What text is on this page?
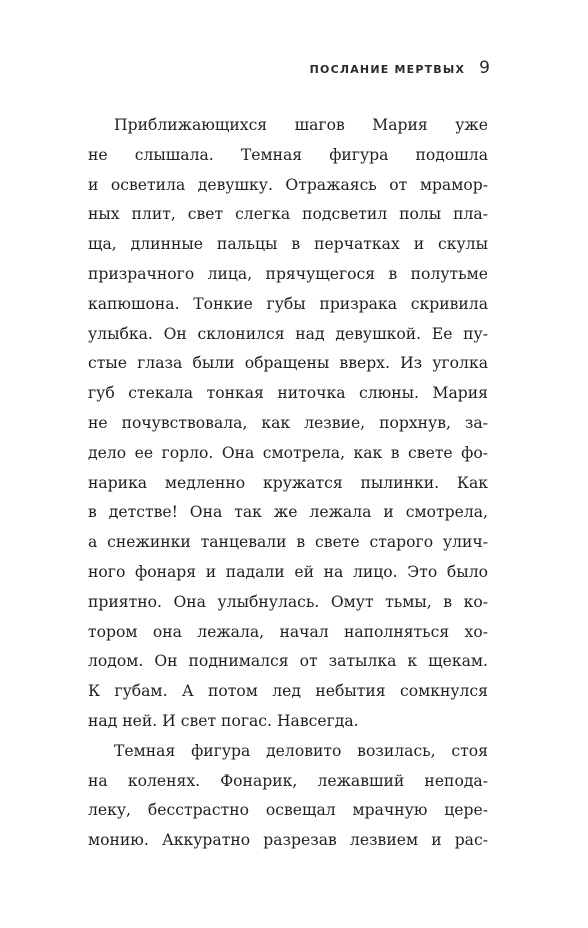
ПОСЛАНИЕ МЕРТВЫХ 9
Приближающихся шагов Мария уже
не слышала. Темная фигура подошла
и осветила девушку. Отражаясь от мрамор-
ных плит, свет слегка подсветил полы пла-
ща, длинные пальцы в перчатках и скулы
призрачного лица, прячущегося в полутьме
капюшона. Тонкие губы призрака скривила
улыбка. Он склонился над девушкой. Ее пу-
стые глаза были обращены вверх. Из уголка
губ стекала тонкая ниточка слюны. Мария
не почувствовала, как лезвие, порхнув, за-
дело ее горло. Она смотрела, как в свете фо-
нарика медленно кружатся пылинки. Как
в детстве! Она так же лежала и смотрела,
а снежинки танцевали в свете старого улич-
ного фонаря и падали ей на лицо. Это было
приятно. Она улыбнулась. Омут тьмы, в ко-
тором она лежала, начал наполняться хо-
лодом. Он поднимался от затылка к щекам.
К губам. А потом лед небытия сомкнулся
над ней. И свет погас. Навсегда.
Темная фигура деловито возилась, стоя
на коленях. Фонарик, лежавший непода-
леку, бесстрастно освещал мрачную цере-
монию. Аккуратно разрезав лезвием и рас-
